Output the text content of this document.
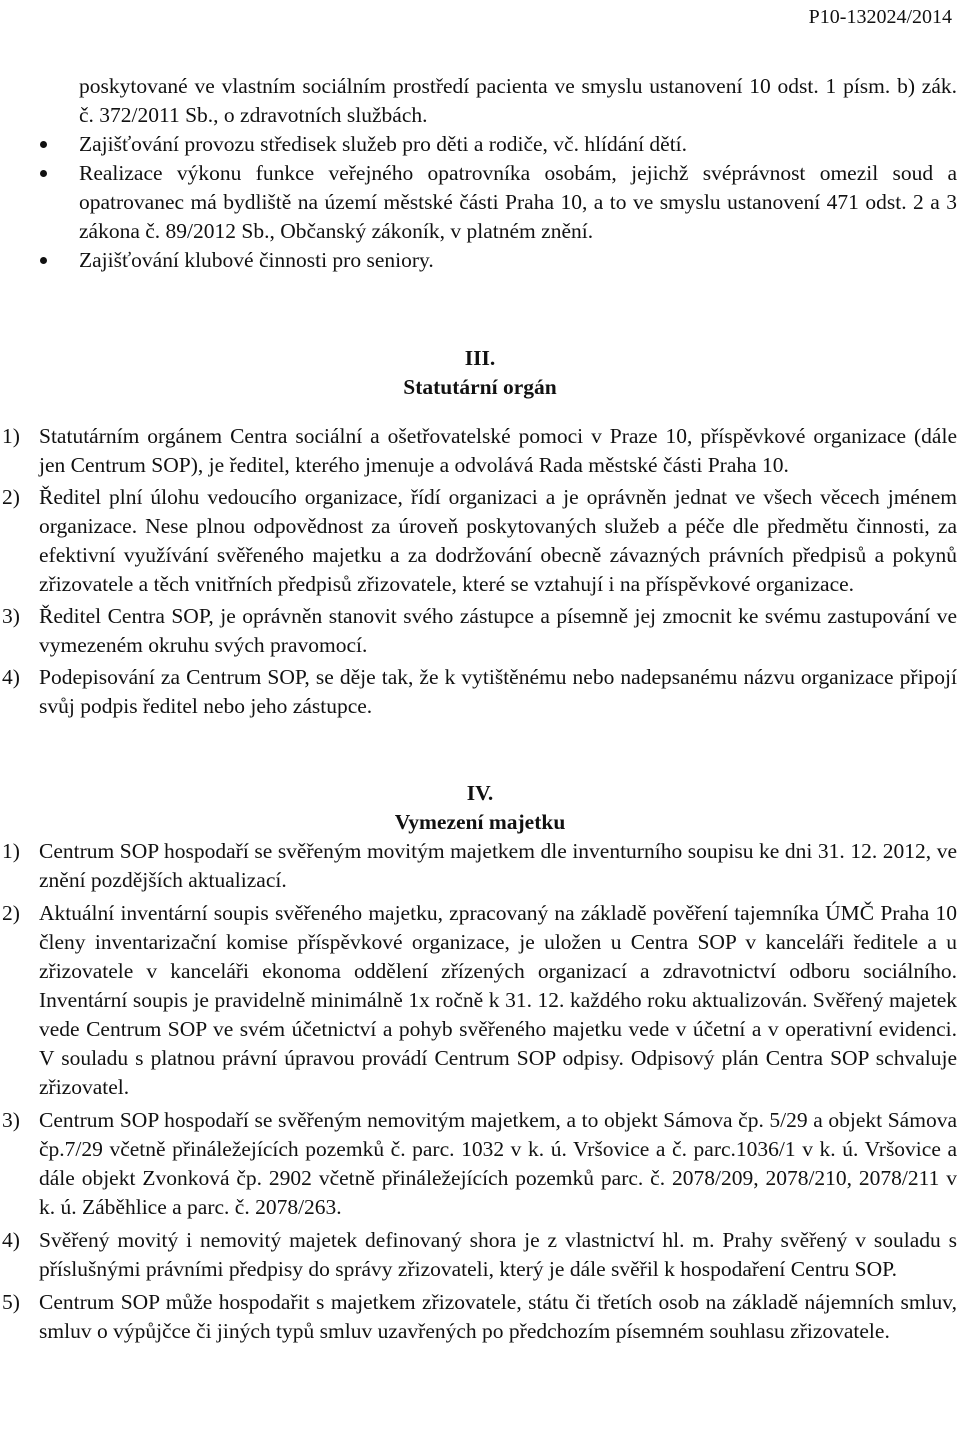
P10-132024/2014

poskytované ve vlastním sociálním prostředí pacienta ve smyslu ustanovení 10 odst. 1 písm. b) zák. č. 372/2011 Sb., o zdravotních službách.

Zajišťování provozu středisek služeb pro děti a rodiče, vč. hlídání dětí.
Realizace výkonu funkce veřejného opatrovníka osobám, jejichž svéprávnost omezil soud a opatrovanec má bydliště na území městské části Praha 10, a to ve smyslu ustanovení 471 odst. 2 a 3 zákona č. 89/2012 Sb., Občanský zákoník, v platném znění.
Zajišťování klubové činnosti pro seniory.
III.
Statutární orgán
1) Statutárním orgánem Centra sociální a ošetřovatelské pomoci v Praze 10, příspěvkové organizace (dále jen Centrum SOP), je ředitel, kterého jmenuje a odvolává Rada městské části Praha 10.
2) Ředitel plní úlohu vedoucího organizace, řídí organizaci a je oprávněn jednat ve všech věcech jménem organizace. Nese plnou odpovědnost za úroveň poskytovaných služeb a péče dle předmětu činnosti, za efektivní využívání svěřeného majetku a za dodržování obecně závazných právních předpisů a pokynů zřizovatele a těch vnitřních předpisů zřizovatele, které se vztahují i na příspěvkové organizace.
3) Ředitel Centra SOP, je oprávněn stanovit svého zástupce a písemně jej zmocnit ke svému zastupování ve vymezeném okruhu svých pravomocí.
4) Podepisování za Centrum SOP, se děje tak, že k vytištěnému nebo nadepsanému názvu organizace připojí svůj podpis ředitel nebo jeho zástupce.
IV.
Vymezení majetku
1) Centrum SOP hospodaří se svěřeným movitým majetkem dle inventurního soupisu ke dni 31. 12. 2012, ve znění pozdějších aktualizací.
2) Aktuální inventární soupis svěřeného majetku, zpracovaný na základě pověření tajemníka ÚMČ Praha 10 členy inventarizační komise příspěvkové organizace, je uložen u Centra SOP v kanceláři ředitele a u zřizovatele v kanceláři ekonoma oddělení zřízených organizací a zdravotnictví odboru sociálního. Inventární soupis je pravidelně minimálně 1x ročně k 31. 12. každého roku aktualizován. Svěřený majetek vede Centrum SOP ve svém účetnictví a pohyb svěřeného majetku vede v účetní a v operativní evidenci. V souladu s platnou právní úpravou provádí Centrum SOP odpisy. Odpisový plán Centra SOP schvaluje zřizovatel.
3) Centrum SOP hospodaří se svěřeným nemovitým majetkem, a to objekt Sámova čp. 5/29 a objekt Sámova čp.7/29 včetně přináležejících pozemků č. parc. 1032 v k. ú. Vršovice a č. parc.1036/1 v k. ú. Vršovice a dále objekt Zvonková čp. 2902 včetně přináležejících pozemků parc. č. 2078/209, 2078/210, 2078/211 v k. ú. Záběhlice a parc. č. 2078/263.
4) Svěřený movitý i nemovitý majetek definovaný shora je z vlastnictví hl. m. Prahy svěřený v souladu s příslušnými právními předpisy do správy zřizovateli, který je dále svěřil k hospodaření Centru SOP.
5) Centrum SOP může hospodařit s majetkem zřizovatele, státu či třetích osob na základě nájemních smluv, smluv o výpůjčce či jiných typů smluv uzavřených po předchozím písemném souhlasu zřizovatele.
